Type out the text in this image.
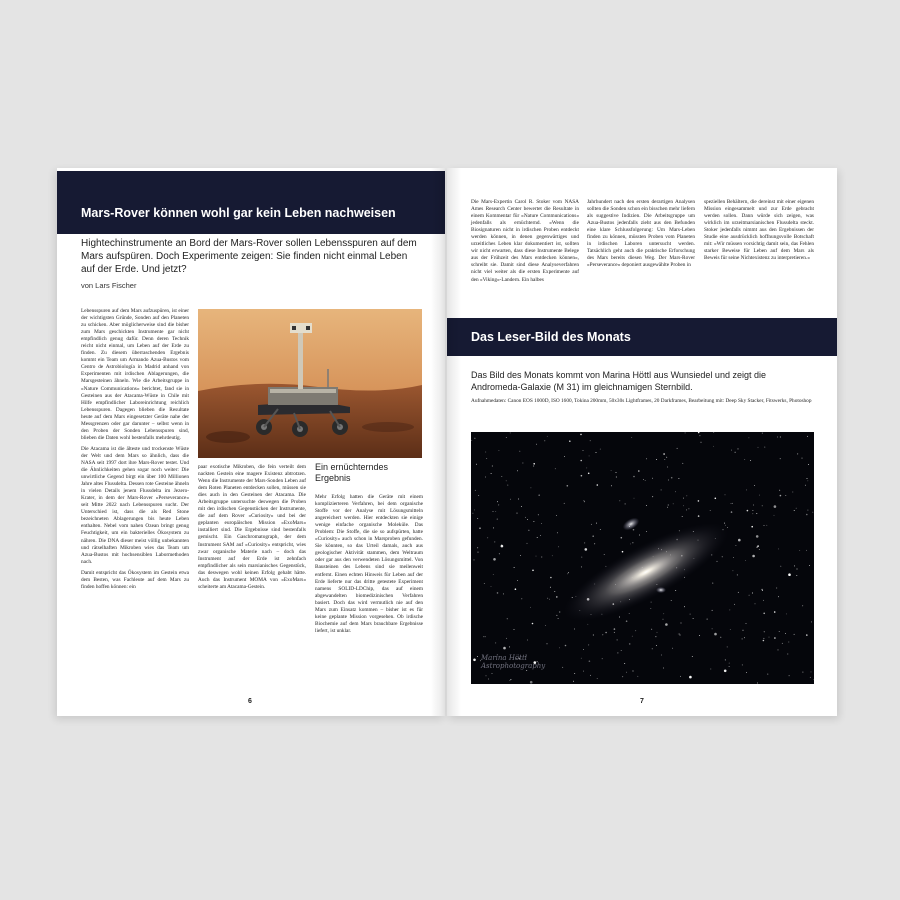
Mars-Rover können wohl gar kein Leben nachweisen
Hightechinstrumente an Bord der Mars-Rover sollen Lebensspuren auf dem Mars aufspüren. Doch Experimente zeigen: Sie finden nicht einmal Leben auf der Erde. Und jetzt?
von Lars Fischer

Lebensspuren auf dem Mars aufzuspüren, ist einer der wichtigsten Gründe, Sonden auf den Planeten zu schicken. Aber möglicherweise sind die bisher zum Mars geschickten Instrumente gar nicht empfindlich genug dafür. Denn deren Technik reicht nicht einmal, um Leben auf der Erde zu finden. Zu diesem überraschenden Ergebnis kommt ein Team um Armando Azua-Bustos vom Centro de Astrobiología in Madrid anhand von Experimenten mit irdischen Ablagerungen, die Marsgesteinen ähneln. Wie die Arbeitsgruppe in »Nature Communications« berichtet, fand sie in Gesteinen aus der Atacama-Wüste in Chile mit Hilfe empfindlicher Laboreinrichtung reichlich Lebensspuren. Dagegen blieben die Resultate heute auf dem Mars eingesetzter Geräte nahe der Messgrenzen oder gar darunter – selbst wenn in den Proben der Sonden Lebensspuren sind, blieben die Daten wohl bestenfalls mehrdeutig.

Die Atacama ist die älteste und trockenste Wüste der Welt und dem Mars so ähnlich, dass die NASA seit 1997 dort ihre Mars-Rover testet. Und die Ähnlichkeiten gehen sogar noch weiter: Die unwirtliche Gegend birgt ein über 100 Millionen Jahre altes Flussdelta. Dessen rote Gesteine ähneln in vielen Details jenem Flussdelta im Jezero-Krater, in dem der Mars-Rover »Perseverance« seit Mitte 2022 nach Lebensspuren sucht. Der Unterschied ist, dass die als Red Stone bezeichneten Ablagerungen bis heute Leben enthalten. Nebel vom nahen Ozean bringt genug Feuchtigkeit, um ein bakterielles Ökosystem zu nähren. Die DNA dieser meist völlig unbekannten und rätselhaften Mikroben wies das Team um Azua-Bustos mit hochsensiblen Labormethoden nach.

Damit entspricht das Ökosystem im Gestein etwa dem Besten, was Fachleute auf dem Mars zu finden hoffen können: ein

paar exotische Mikroben, die fein verteilt dem nackten Gestein eine magere Existenz abtrotzen. Wenn die Instrumente der Mars-Sonden Leben auf dem Roten Planeten entdecken sollen, müssen sie dies auch in den Gesteinen der Atacama. Die Arbeitsgruppe untersuchte deswegen die Proben mit den irdischen Gegenstücken der Instrumente, die auf dem Rover »Curiosity« und bei der geplanten europäischen Mission »ExoMars« installiert sind. Die Ergebnisse sind bestenfalls gemischt. Ein Gaschromatograph, der dem Instrument SAM auf »Curiosity« entspricht, wies zwar organische Materie nach – doch das Instrument auf der Erde ist zehnfach empfindlicher als sein marsianisches Gegenstück, das deswegen wohl keinen Erfolg gehabt hätte. Auch das Instrument MOMA von »ExoMars« scheiterte am Atacama-Gestein.

Ein ernüchterndes Ergebnis

Mehr Erfolg hatten die Geräte mit einem komplizierteren Verfahren, bei dem organische Stoffe vor der Analyse mit Lösungsmitteln angereichert werden. Hier entdeckten sie einige wenige einfache organische Moleküle. Das Problem: Die Stoffe, die sie so aufspürten, hatte »Curiosity« auch schon in Marsproben gefunden. Sie könnten, so das Urteil damals, auch aus geologischer Aktivität stammen, dem Weltraum oder gar aus den verwendeten Lösungsmittel. Von Bausteinen des Lebens sind sie meilenweit entfernt. Einen echten Hinweis für Leben auf der Erde lieferte nur das dritte getestete Experiment namens SOLID-LDChip, das auf einem abgewandelten biomedizinischen Verfahren basiert. Doch das wird vermutlich nie auf den Mars zum Einsatz kommen – bisher ist es für keine geplante Mission vorgesehen. Ob irdische Biochemie auf dem Mars brauchbare Ergebnisse liefert, ist unklar.

6

Die Mars-Expertin Carol R. Stoker vom NASA Ames Research Center bewertet die Resultate in einem Kommentar für »Nature Communications« jedenfalls als ernüchternd. »Wenn die Biosignaturen nicht in irdischen Proben entdeckt werden können, in denen gegenwärtiges und urzeitliches Leben klar dokumentiert ist, sollten wir nicht erwarten, dass diese Instrumente Belege aus der Frühzeit des Mars entdecken können«, schreibt sie. Damit sind diese Analyseverfahren nicht viel weiter als die ersten Experimente auf den »Viking«-Landern. Ein halbes

Jahrhundert nach den ersten derartigen Analysen sollten die Sonden schon ein bisschen mehr liefern als suggestive Indizien. Die Arbeitsgruppe um Azua-Bustos jedenfalls zieht aus den Befunden eine klare Schlussfolgerung: Um Mars-Leben finden zu können, müssten Proben vom Planeten in irdischen Laboren untersucht werden. Tatsächlich geht auch die praktische Erforschung des Mars bereits diesen Weg. Der Mars-Rover »Perseverance« deponiert ausgewählte Proben in

speziellen Behältern, die dereinst mit einer eigenen Mission eingesammelt und zur Erde gebracht werden sollen. Dann würde sich zeigen, was wirklich im urzeitmarsianischen Flussdelta steckt. Stoker jedenfalls nimmt aus den Ergebnissen der Studie eine ausdrücklich hoffnungsvolle Botschaft mit: »Wir müssen vorsichtig damit sein, das Fehlen starker Beweise für Leben auf dem Mars als Beweis für seine Nichtexistenz zu interpretieren.«

Das Leser-Bild des Monats
Das Bild des Monats kommt von Marina Höttl aus Wunsiedel und zeigt die Andromeda-Galaxie (M 31) im gleichnamigen Sternbild.
Aufnahmedaten: Canon EOS 1000D, ISO 1600, Tokina 200mm, 50x30s Lightframes, 20 Darkframes, Bearbeitung mit: Deep Sky Stacker, Fitswerks, Photoshop
Marina Höttl
Astrophotography
7
